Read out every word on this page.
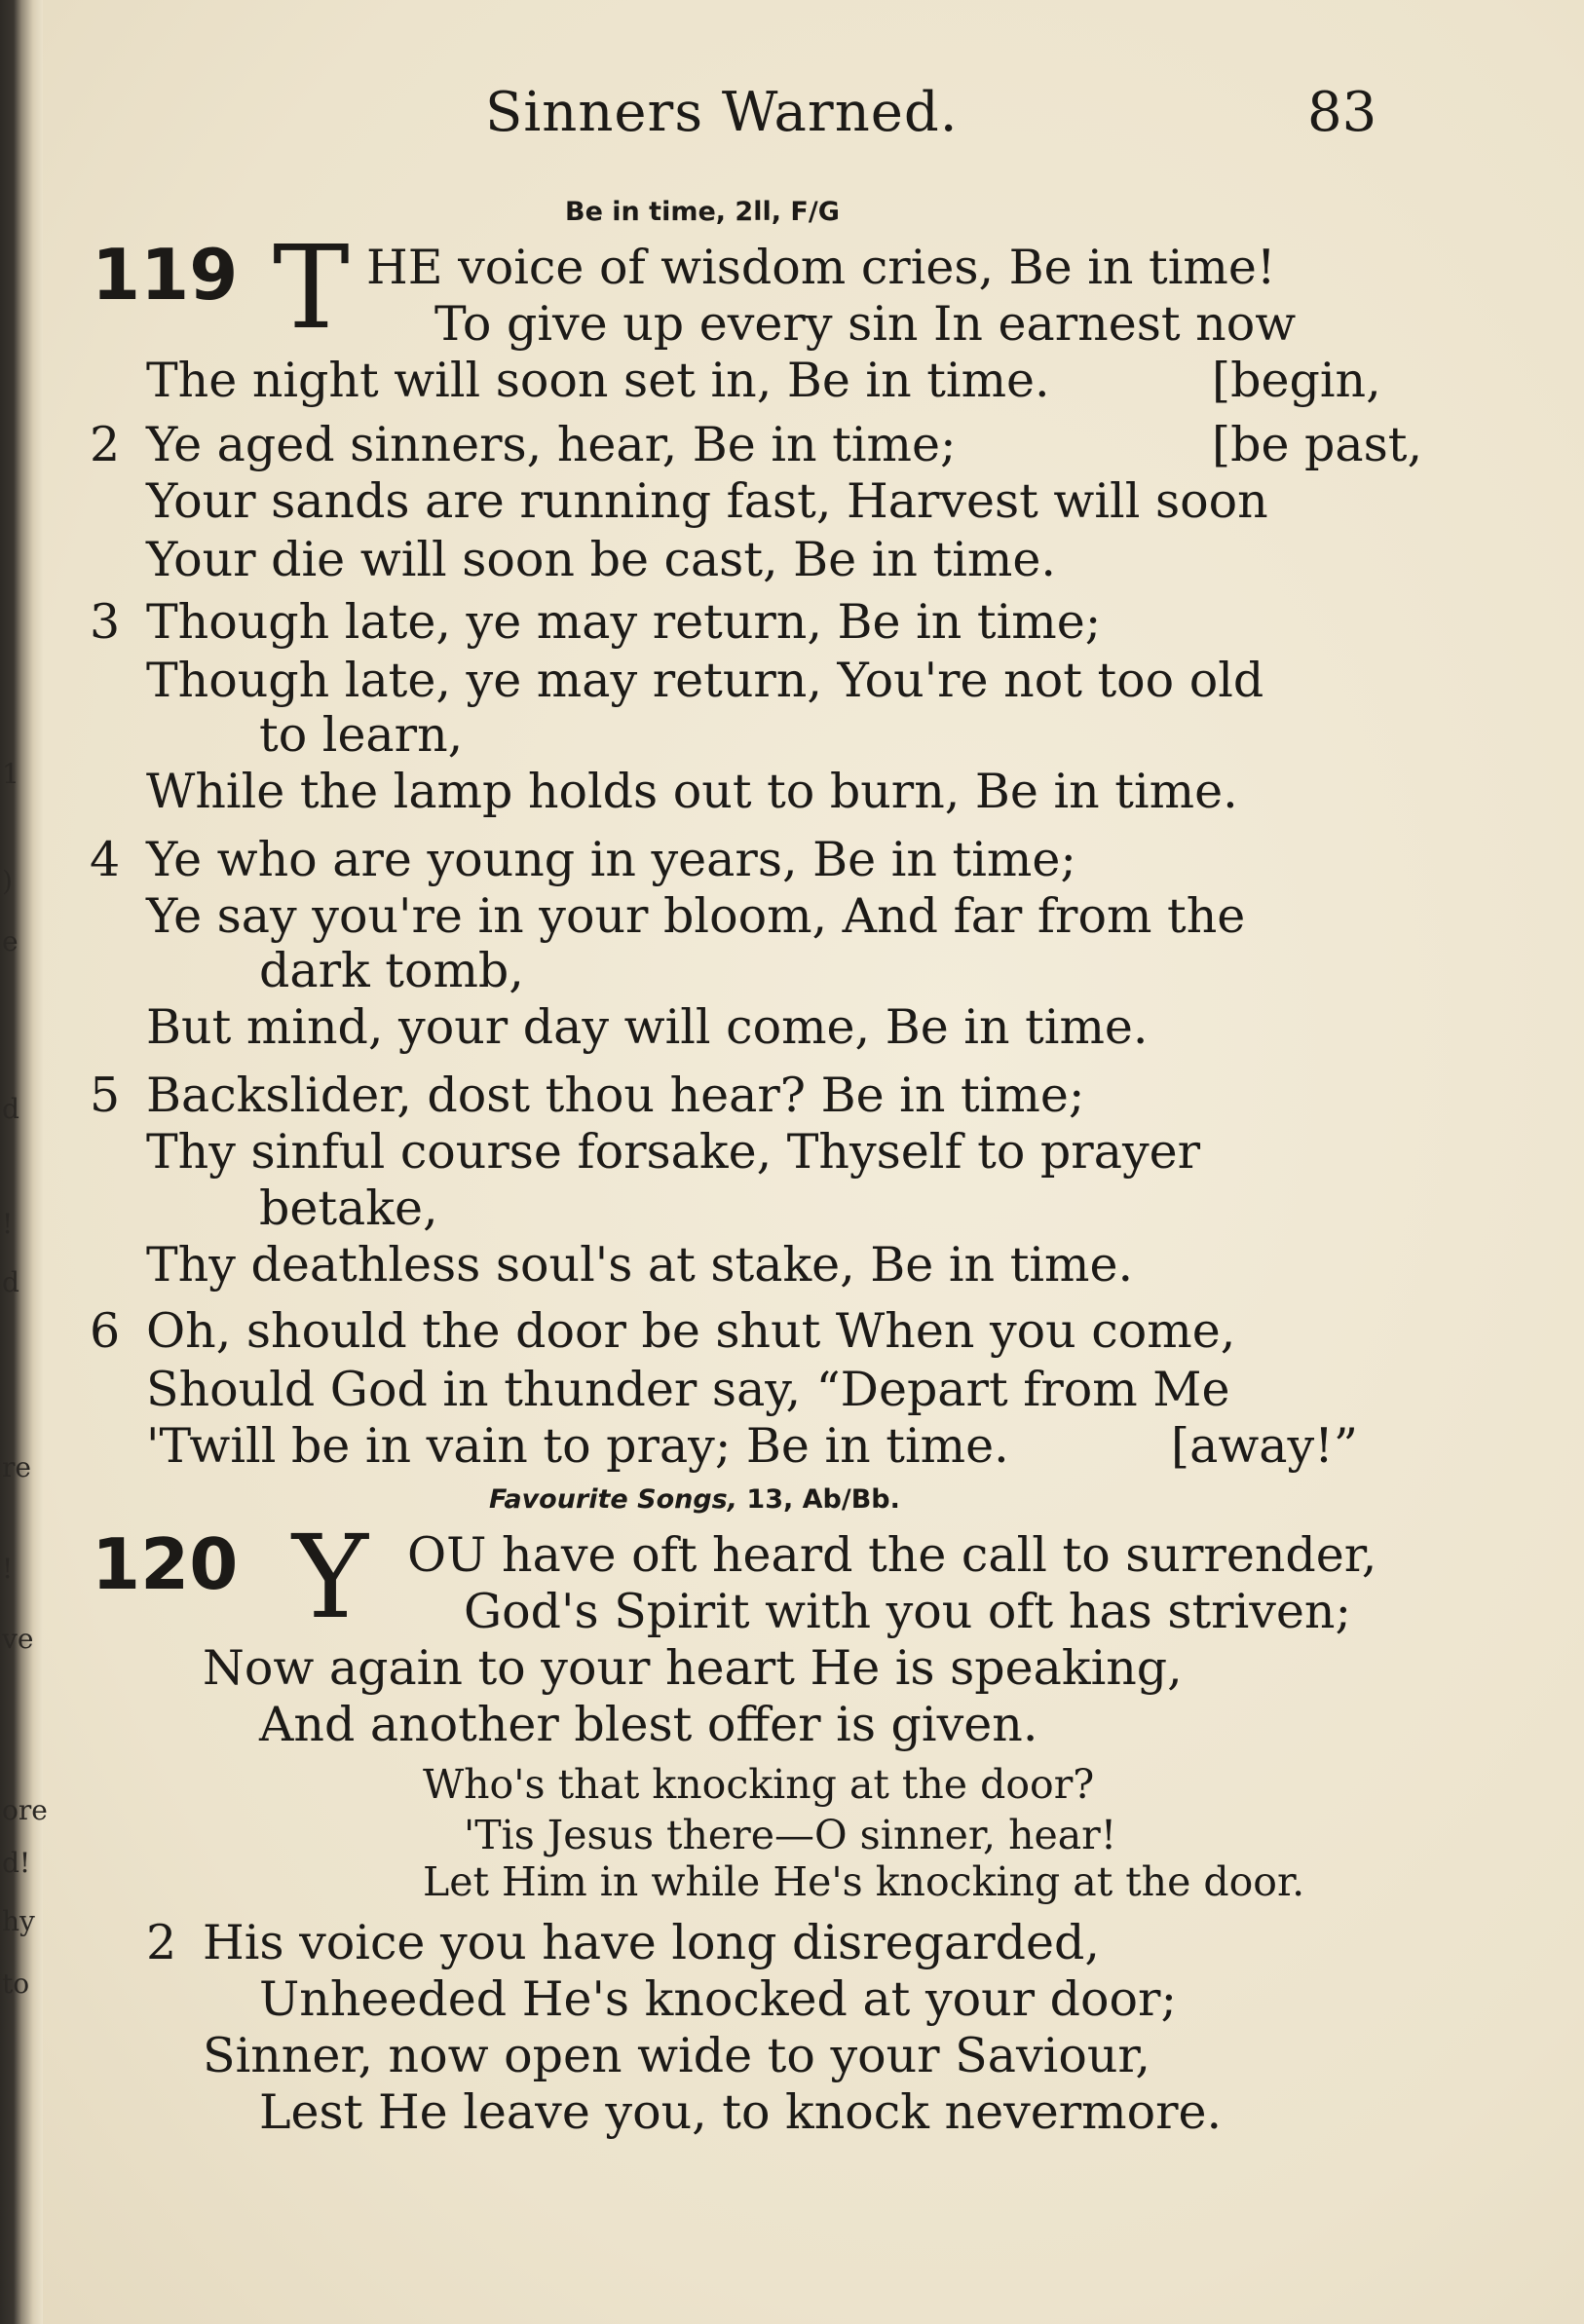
1
)
e
d
!
d
re
!
ve
ore
d!
hy
to
Sinners Warned.	83
Be in time, 2ll, F/G
119 T HE voice of wisdom cries, Be in time!
To give up every sin In earnest now
The night will soon set in, Be in time.	[begin,
2 Ye aged sinners, hear, Be in time;	[be past,
Your sands are running fast, Harvest will soon
Your die will soon be cast, Be in time.
3 Though late, ye may return, Be in time;
Though late, ye may return, You're not too old
to learn,
While the lamp holds out to burn, Be in time.
4 Ye who are young in years, Be in time;
Ye say you're in your bloom, And far from the
dark tomb,
But mind, your day will come, Be in time.
5 Backslider, dost thou hear? Be in time;
Thy sinful course forsake, Thyself to prayer
betake,
Thy deathless soul's at stake, Be in time.
6 Oh, should the door be shut When you come,
Should God in thunder say, “Depart from Me
'Twill be in vain to pray; Be in time.	[away!”
Favourite Songs, 13, Ab/Bb.
120 Y OU have oft heard the call to surrender,
God's Spirit with you oft has striven;
Now again to your heart He is speaking,
And another blest offer is given.
Who's that knocking at the door?
'Tis Jesus there—O sinner, hear!
Let Him in while He's knocking at the door.
2 His voice you have long disregarded,
Unheeded He's knocked at your door;
Sinner, now open wide to your Saviour,
Lest He leave you, to knock nevermore.
